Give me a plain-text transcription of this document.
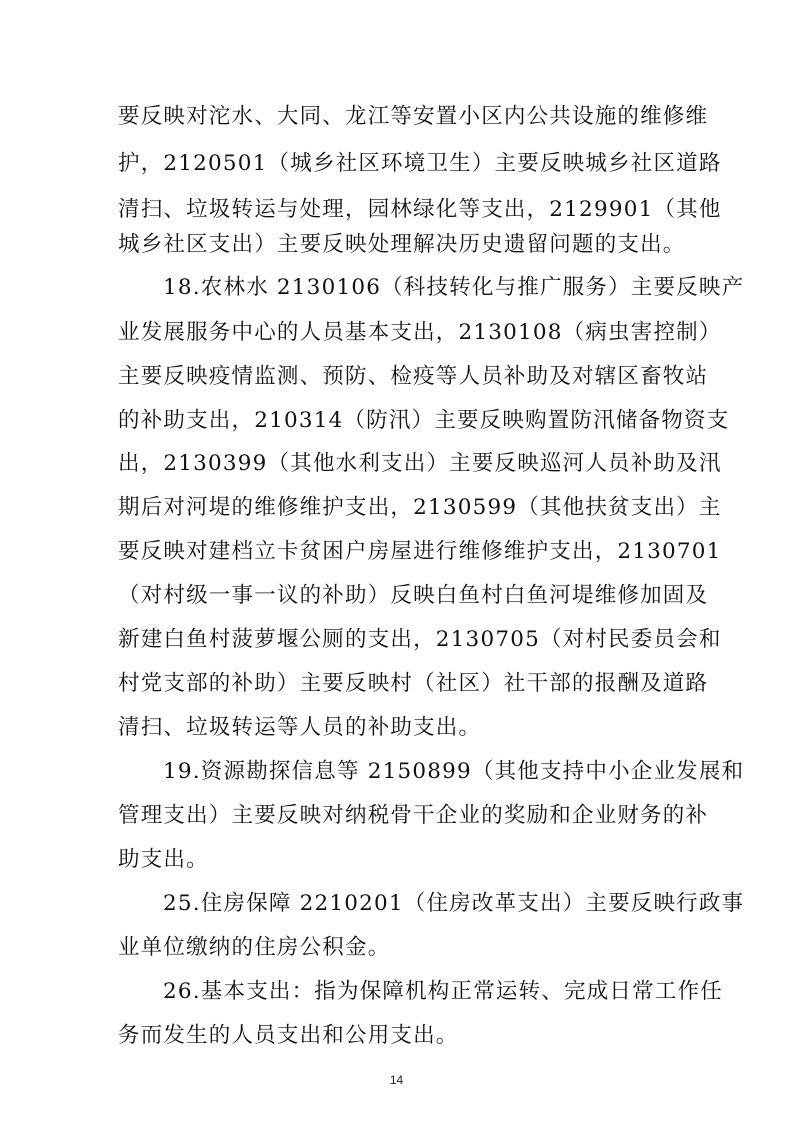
要反映对沱水、大同、龙江等安置小区内公共设施的维修维
护，2120501（城乡社区环境卫生）主要反映城乡社区道路
清扫、垃圾转运与处理，园林绿化等支出，2129901（其他
城乡社区支出）主要反映处理解决历史遗留问题的支出。
18.农林水 2130106（科技转化与推广服务）主要反映产
业发展服务中心的人员基本支出，2130108（病虫害控制）
主要反映疫情监测、预防、检疫等人员补助及对辖区畜牧站
的补助支出，210314（防汛）主要反映购置防汛储备物资支
出，2130399（其他水利支出）主要反映巡河人员补助及汛
期后对河堤的维修维护支出，2130599（其他扶贫支出）主
要反映对建档立卡贫困户房屋进行维修维护支出，2130701
（对村级一事一议的补助）反映白鱼村白鱼河堤维修加固及
新建白鱼村菠萝堰公厕的支出，2130705（对村民委员会和
村党支部的补助）主要反映村（社区）社干部的报酬及道路
清扫、垃圾转运等人员的补助支出。
19.资源勘探信息等 2150899（其他支持中小企业发展和
管理支出）主要反映对纳税骨干企业的奖励和企业财务的补
助支出。
25.住房保障 2210201（住房改革支出）主要反映行政事
业单位缴纳的住房公积金。
26.基本支出：指为保障机构正常运转、完成日常工作任
务而发生的人员支出和公用支出。
14
